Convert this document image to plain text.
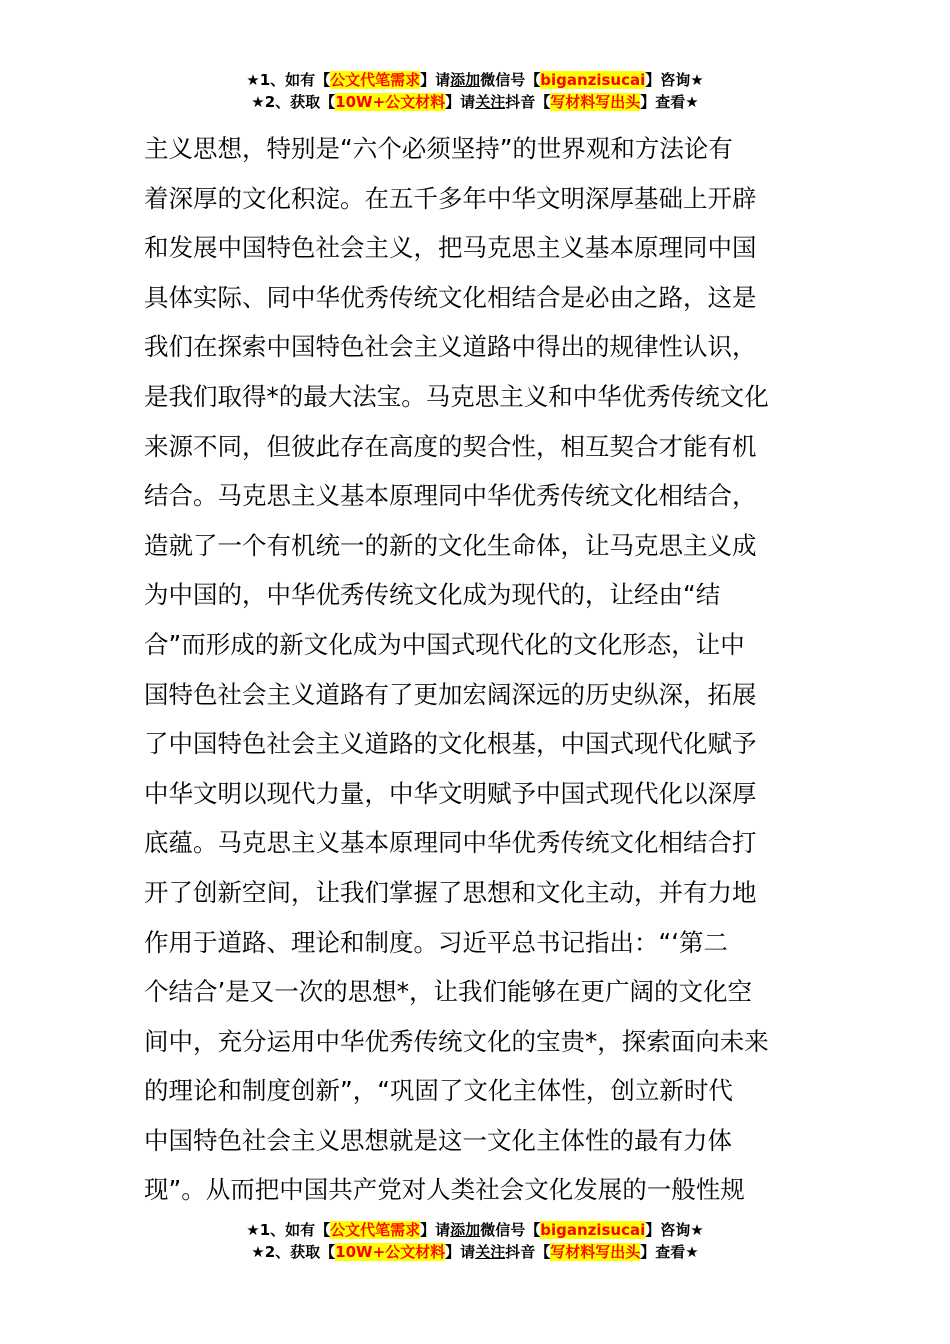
★1、如有【公文代笔需求】请添加微信号【biganzisucai】咨询★
★2、获取【10W+公文材料】请关注抖音【写材料写出头】查看★
主义思想，特别是“六个必须坚持”的世界观和方法论有
着深厚的文化积淀。在五千多年中华文明深厚基础上开辟
和发展中国特色社会主义，把马克思主义基本原理同中国
具体实际、同中华优秀传统文化相结合是必由之路，这是
我们在探索中国特色社会主义道路中得出的规律性认识，
是我们取得*的最大法宝。马克思主义和中华优秀传统文化
来源不同，但彼此存在高度的契合性，相互契合才能有机
结合。马克思主义基本原理同中华优秀传统文化相结合，
造就了一个有机统一的新的文化生命体，让马克思主义成
为中国的，中华优秀传统文化成为现代的，让经由“结
合”而形成的新文化成为中国式现代化的文化形态，让中
国特色社会主义道路有了更加宏阔深远的历史纵深，拓展
了中国特色社会主义道路的文化根基，中国式现代化赋予
中华文明以现代力量，中华文明赋予中国式现代化以深厚
底蕴。马克思主义基本原理同中华优秀传统文化相结合打
开了创新空间，让我们掌握了思想和文化主动，并有力地
作用于道路、理论和制度。习近平总书记指出：“‘第二
个结合’是又一次的思想*，让我们能够在更广阔的文化空
间中，充分运用中华优秀传统文化的宝贵*，探索面向未来
的理论和制度创新”，“巩固了文化主体性，创立新时代
中国特色社会主义思想就是这一文化主体性的最有力体
现”。从而把中国共产党对人类社会文化发展的一般性规
★1、如有【公文代笔需求】请添加微信号【biganzisucai】咨询★
★2、获取【10W+公文材料】请关注抖音【写材料写出头】查看★
